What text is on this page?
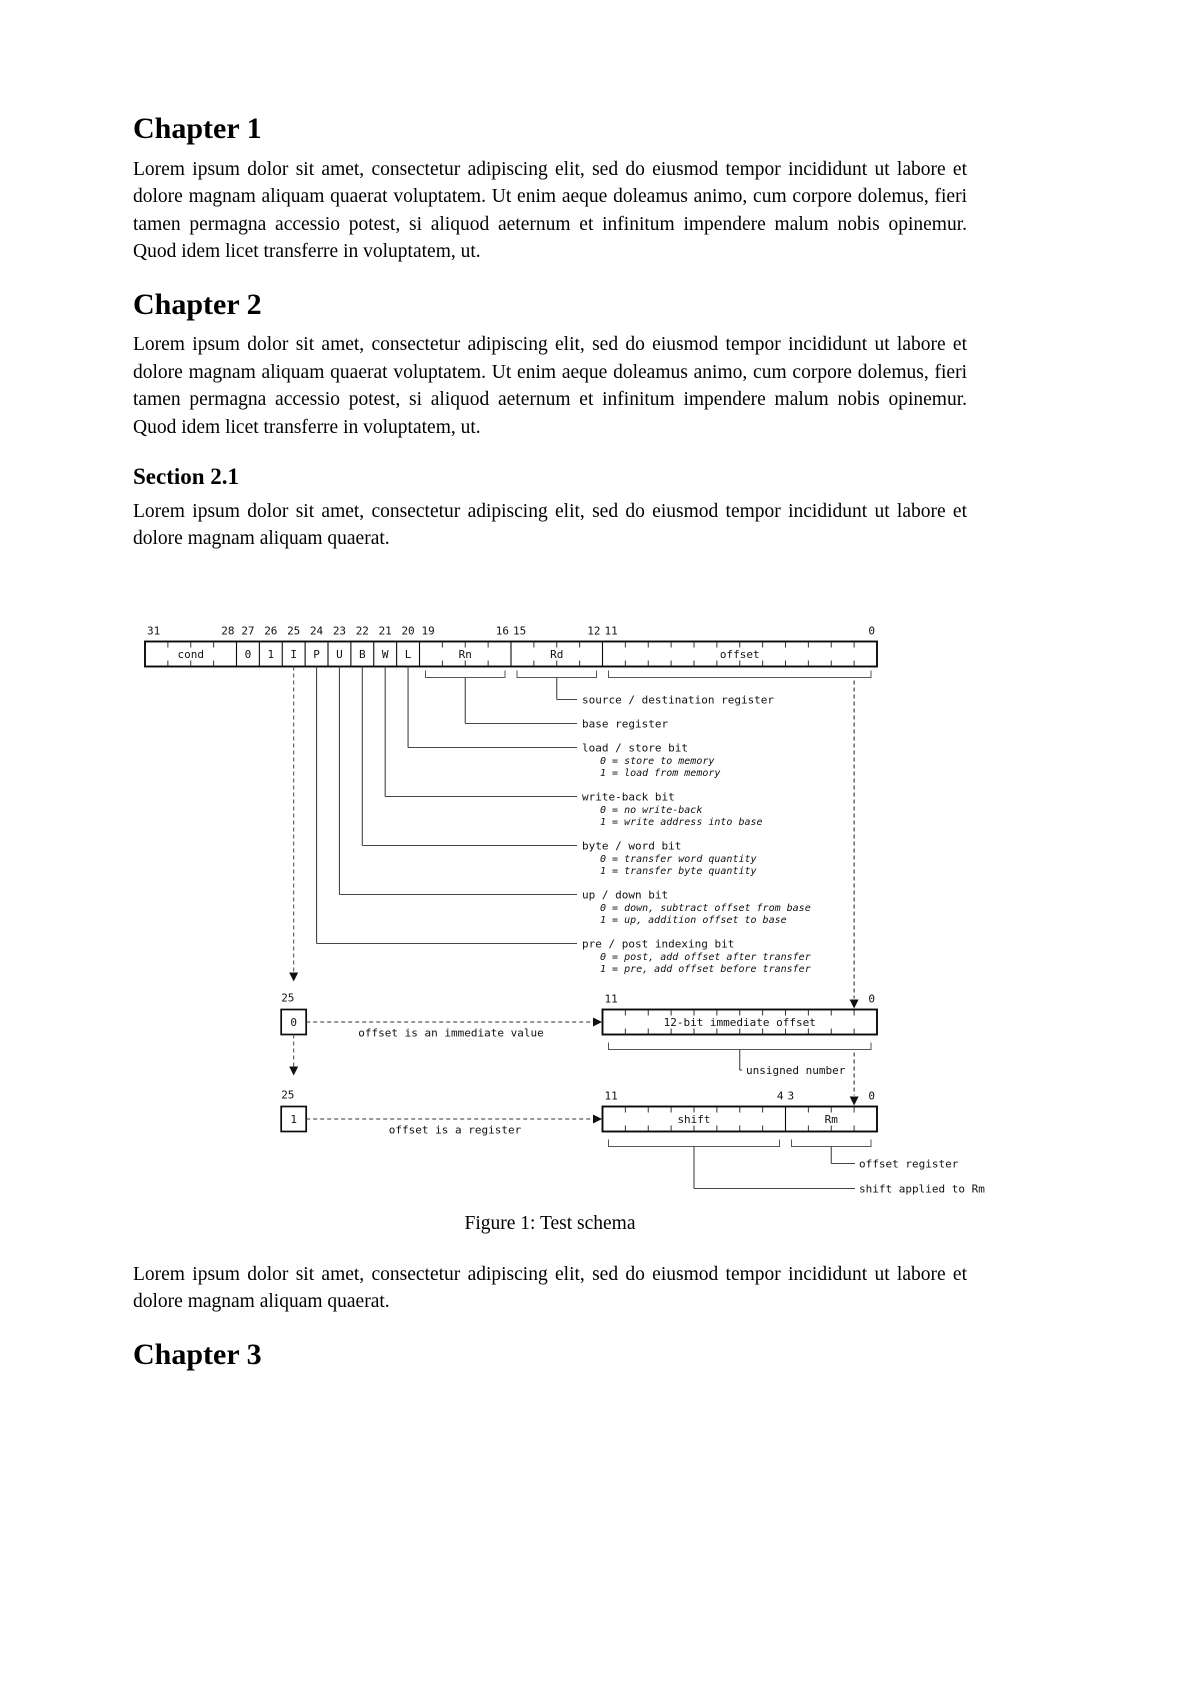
Chapter 1

Lorem ipsum dolor sit amet, consectetur adipiscing elit, sed do eiusmod tempor incididunt ut labore et dolore magnam aliquam quaerat voluptatem. Ut enim aeque doleamus animo, cum corpore dolemus, fieri tamen permagna accessio potest, si aliquod aeternum et infinitum impendere malum nobis opinemur. Quod idem licet transferre in voluptatem, ut.

Chapter 2

Lorem ipsum dolor sit amet, consectetur adipiscing elit, sed do eiusmod tempor incididunt ut labore et dolore magnam aliquam quaerat voluptatem. Ut enim aeque doleamus animo, cum corpore dolemus, fieri tamen permagna accessio potest, si aliquod aeternum et infinitum impendere malum nobis opinemur. Quod idem licet transferre in voluptatem, ut.

Section 2.1

Lorem ipsum dolor sit amet, consectetur adipiscing elit, sed do eiusmod tempor incididunt ut labore et dolore magnam aliquam quaerat.

cond
31	28
0
27
1
26
I
25
P
24
U
23
B
22
W
21
L
20
Rn
19	16
Rd
15	12
offset
11	0
source / destination register
base register
load / store bit
0 = store to memory
1 = load from memory
write-back bit
0 = no write-back
1 = write address into base
byte / word bit
0 = transfer word quantity
1 = transfer byte quantity
up / down bit
0 = down, subtract offset from base
1 = up, addition offset to base
pre / post indexing bit
0 = post, add offset after transfer
1 = pre, add offset before transfer
25
0
offset is an immediate value
12-bit immediate offset
11	0
unsigned number
25
1
offset is a register
shift
11	4
Rm
3	0
offset register
shift applied to Rm
Figure 1: Test schema

Lorem ipsum dolor sit amet, consectetur adipiscing elit, sed do eiusmod tempor incididunt ut labore et dolore magnam aliquam quaerat.

Chapter 3
